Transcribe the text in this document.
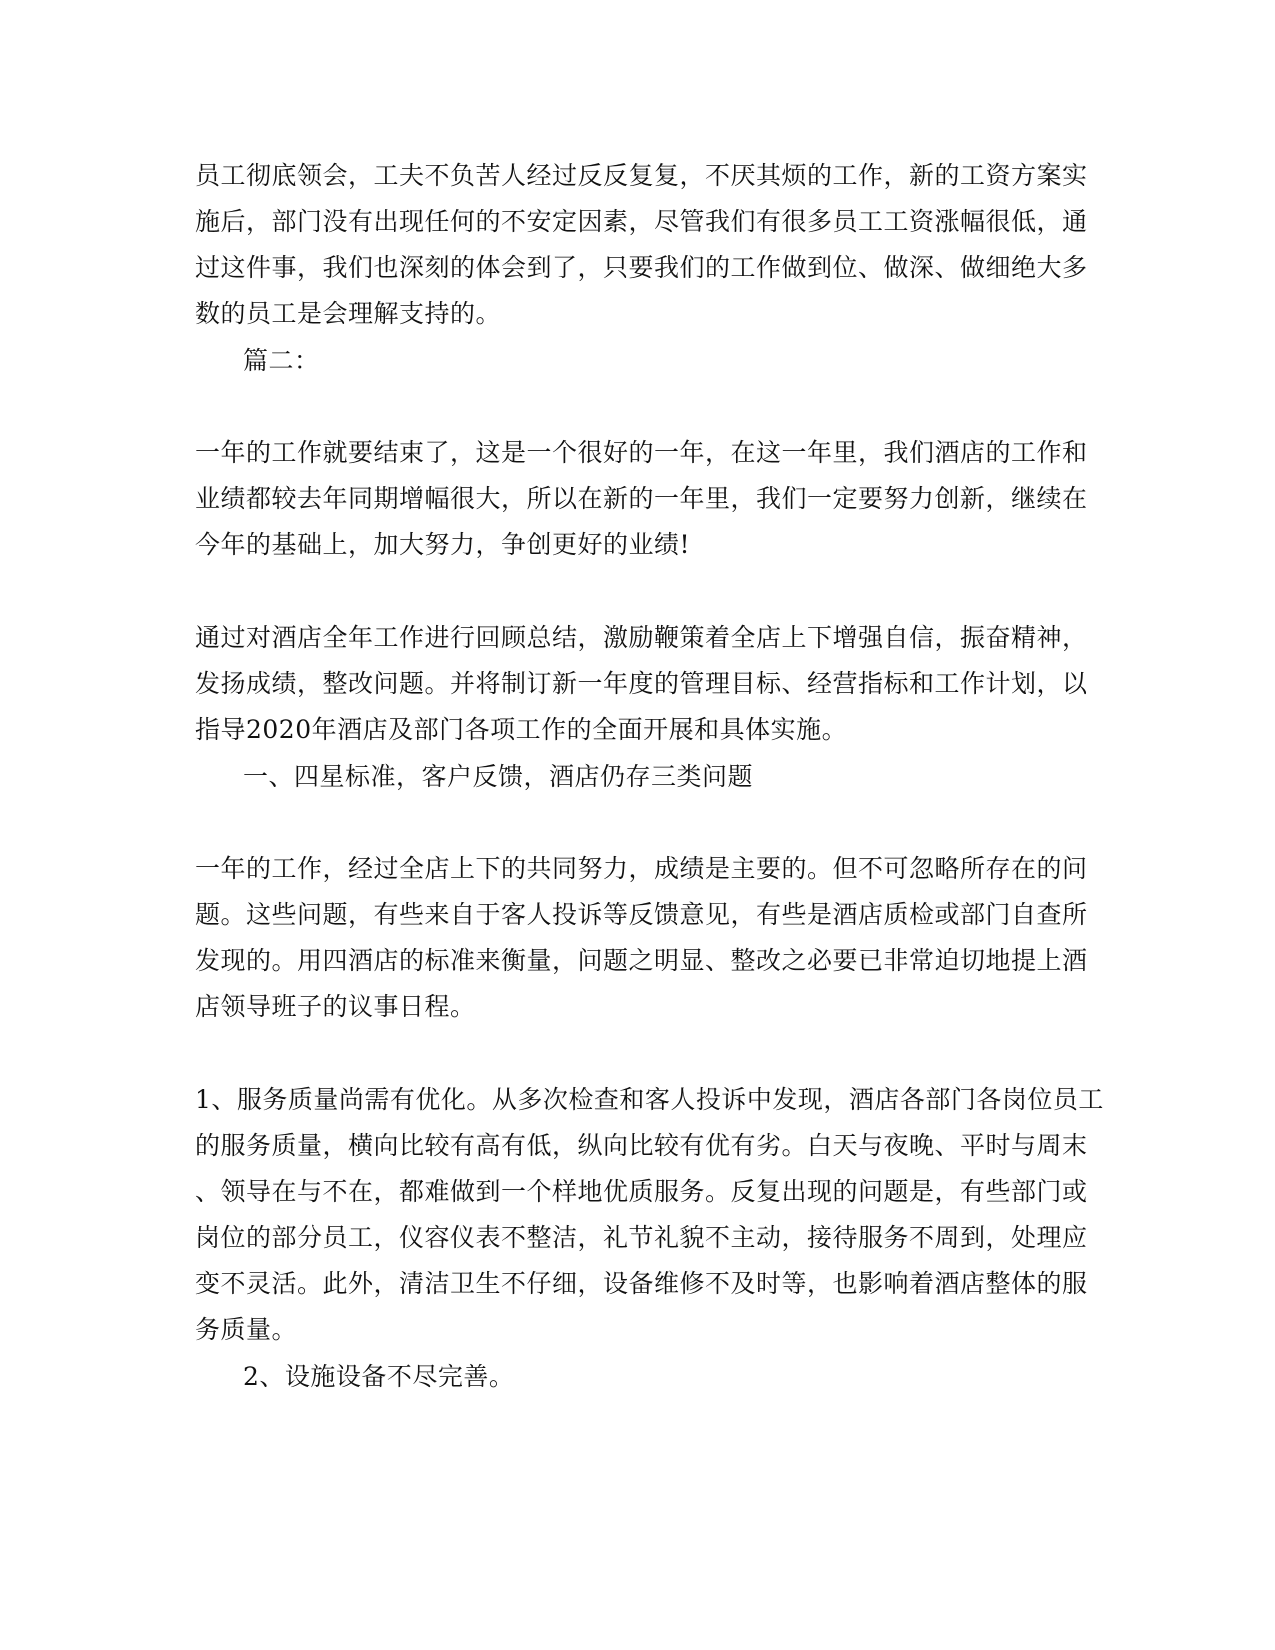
员工彻底领会，工夫不负苦人经过反反复复，不厌其烦的工作，新的工资方案实
施后，部门没有出现任何的不安定因素，尽管我们有很多员工工资涨幅很低，通
过这件事，我们也深刻的体会到了，只要我们的工作做到位、做深、做细绝大多
数的员工是会理解支持的。
篇二：
一年的工作就要结束了，这是一个很好的一年，在这一年里，我们酒店的工作和
业绩都较去年同期增幅很大，所以在新的一年里，我们一定要努力创新，继续在
今年的基础上，加大努力，争创更好的业绩!
通过对酒店全年工作进行回顾总结，激励鞭策着全店上下增强自信，振奋精神，
发扬成绩，整改问题。并将制订新一年度的管理目标、经营指标和工作计划，以
指导2020年酒店及部门各项工作的全面开展和具体实施。
一、四星标准，客户反馈，酒店仍存三类问题
一年的工作，经过全店上下的共同努力，成绩是主要的。但不可忽略所存在的问
题。这些问题，有些来自于客人投诉等反馈意见，有些是酒店质检或部门自查所
发现的。用四酒店的标准来衡量，问题之明显、整改之必要已非常迫切地提上酒
店领导班子的议事日程。
1、服务质量尚需有优化。从多次检查和客人投诉中发现，酒店各部门各岗位员工
的服务质量，横向比较有高有低，纵向比较有优有劣。白天与夜晚、平时与周末
、领导在与不在，都难做到一个样地优质服务。反复出现的问题是，有些部门或
岗位的部分员工，仪容仪表不整洁，礼节礼貌不主动，接待服务不周到，处理应
变不灵活。此外，清洁卫生不仔细，设备维修不及时等，也影响着酒店整体的服
务质量。
2、设施设备不尽完善。
